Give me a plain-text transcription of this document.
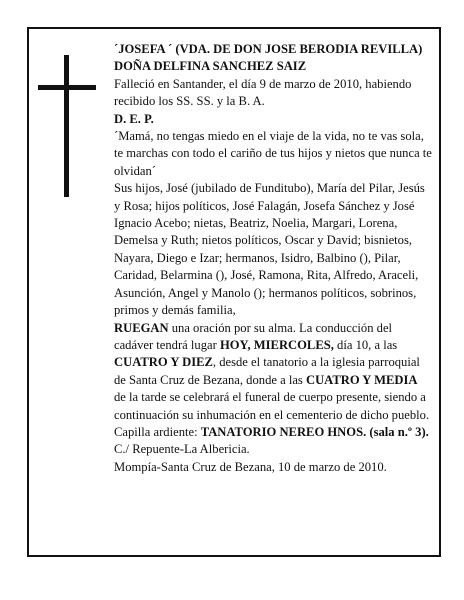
´JOSEFA ´ (VDA. DE DON JOSE BERODIA REVILLA)

DOÑA DELFINA SANCHEZ SAIZ

Falleció en Santander, el día 9 de marzo de 2010, habiendo recibido los SS. SS. y la B. A.

D. E. P.

´Mamá, no tengas miedo en el viaje de la vida, no te vas sola, te marchas con todo el cariño de tus hijos y nietos que nunca te olvidan´

Sus hijos, José (jubilado de Funditubo), María del Pilar, Jesús y Rosa; hijos políticos, José Falagán, Josefa Sánchez y José Ignacio Acebo; nietas, Beatriz, Noelia, Margari, Lorena, Demelsa y Ruth; nietos políticos, Oscar y David; bisnietos, Nayara, Diego e Izar; hermanos, Isidro, Balbino (), Pilar, Caridad, Belarmina (), José, Ramona, Rita, Alfredo, Araceli, Asunción, Angel y Manolo (); hermanos políticos, sobrinos, primos y demás familia,

RUEGAN una oración por su alma. La conducción del cadáver tendrá lugar HOY, MIERCOLES, día 10, a las CUATRO Y DIEZ, desde el tanatorio a la iglesia parroquial de Santa Cruz de Bezana, donde a las CUATRO Y MEDIA de la tarde se celebrará el funeral de cuerpo presente, siendo a continuación su inhumación en el cementerio de dicho pueblo. Capilla ardiente: TANATORIO NEREO HNOS. (sala n.º 3). C./ Repuente-La Albericia.

Mompía-Santa Cruz de Bezana, 10 de marzo de 2010.
